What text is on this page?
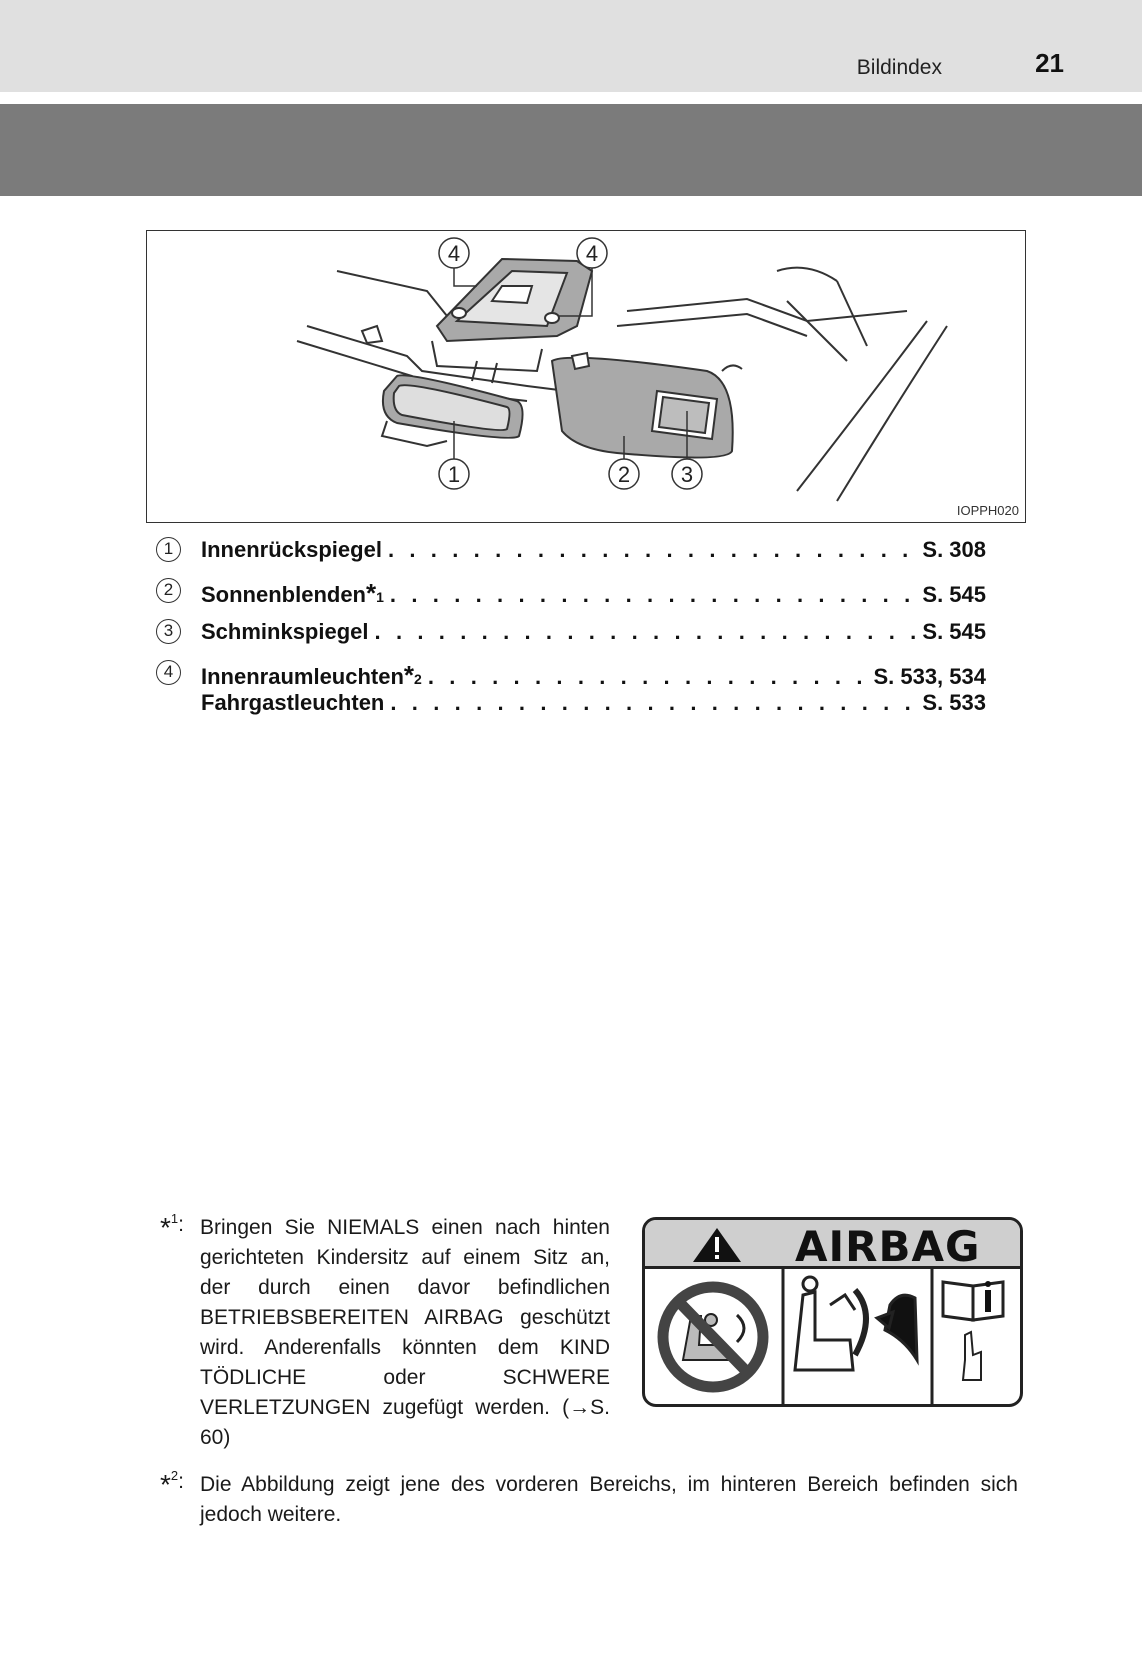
Bildindex	21
4	4
1	2 3
IOPPH020
1	Innenrückspiegel . . .	S. 308
2	Sonnenblenden * 1 . . .	S. 545
3	Schminkspiegel . . .	S. 545
4	Innenraumleuchten * 2 . . .	S. 533, 534
Fahrgastleuchten . . .	S. 533
*$^1$: Bringen Sie NIEMALS einen nach hinten gerichteten Kindersitz auf einem Sitz an, der durch einen davor befindlichen BETRIEBSBEREITEN AIRBAG geschützt wird. Anderenfalls könnten dem KIND TÖDLICHE oder SCHWERE VERLETZUNGEN zugefügt werden. (→S. 60)
AIRBAG
*$^2$: Die Abbildung zeigt jene des vorderen Bereichs, im hinteren Bereich befinden sich jedoch weitere.
